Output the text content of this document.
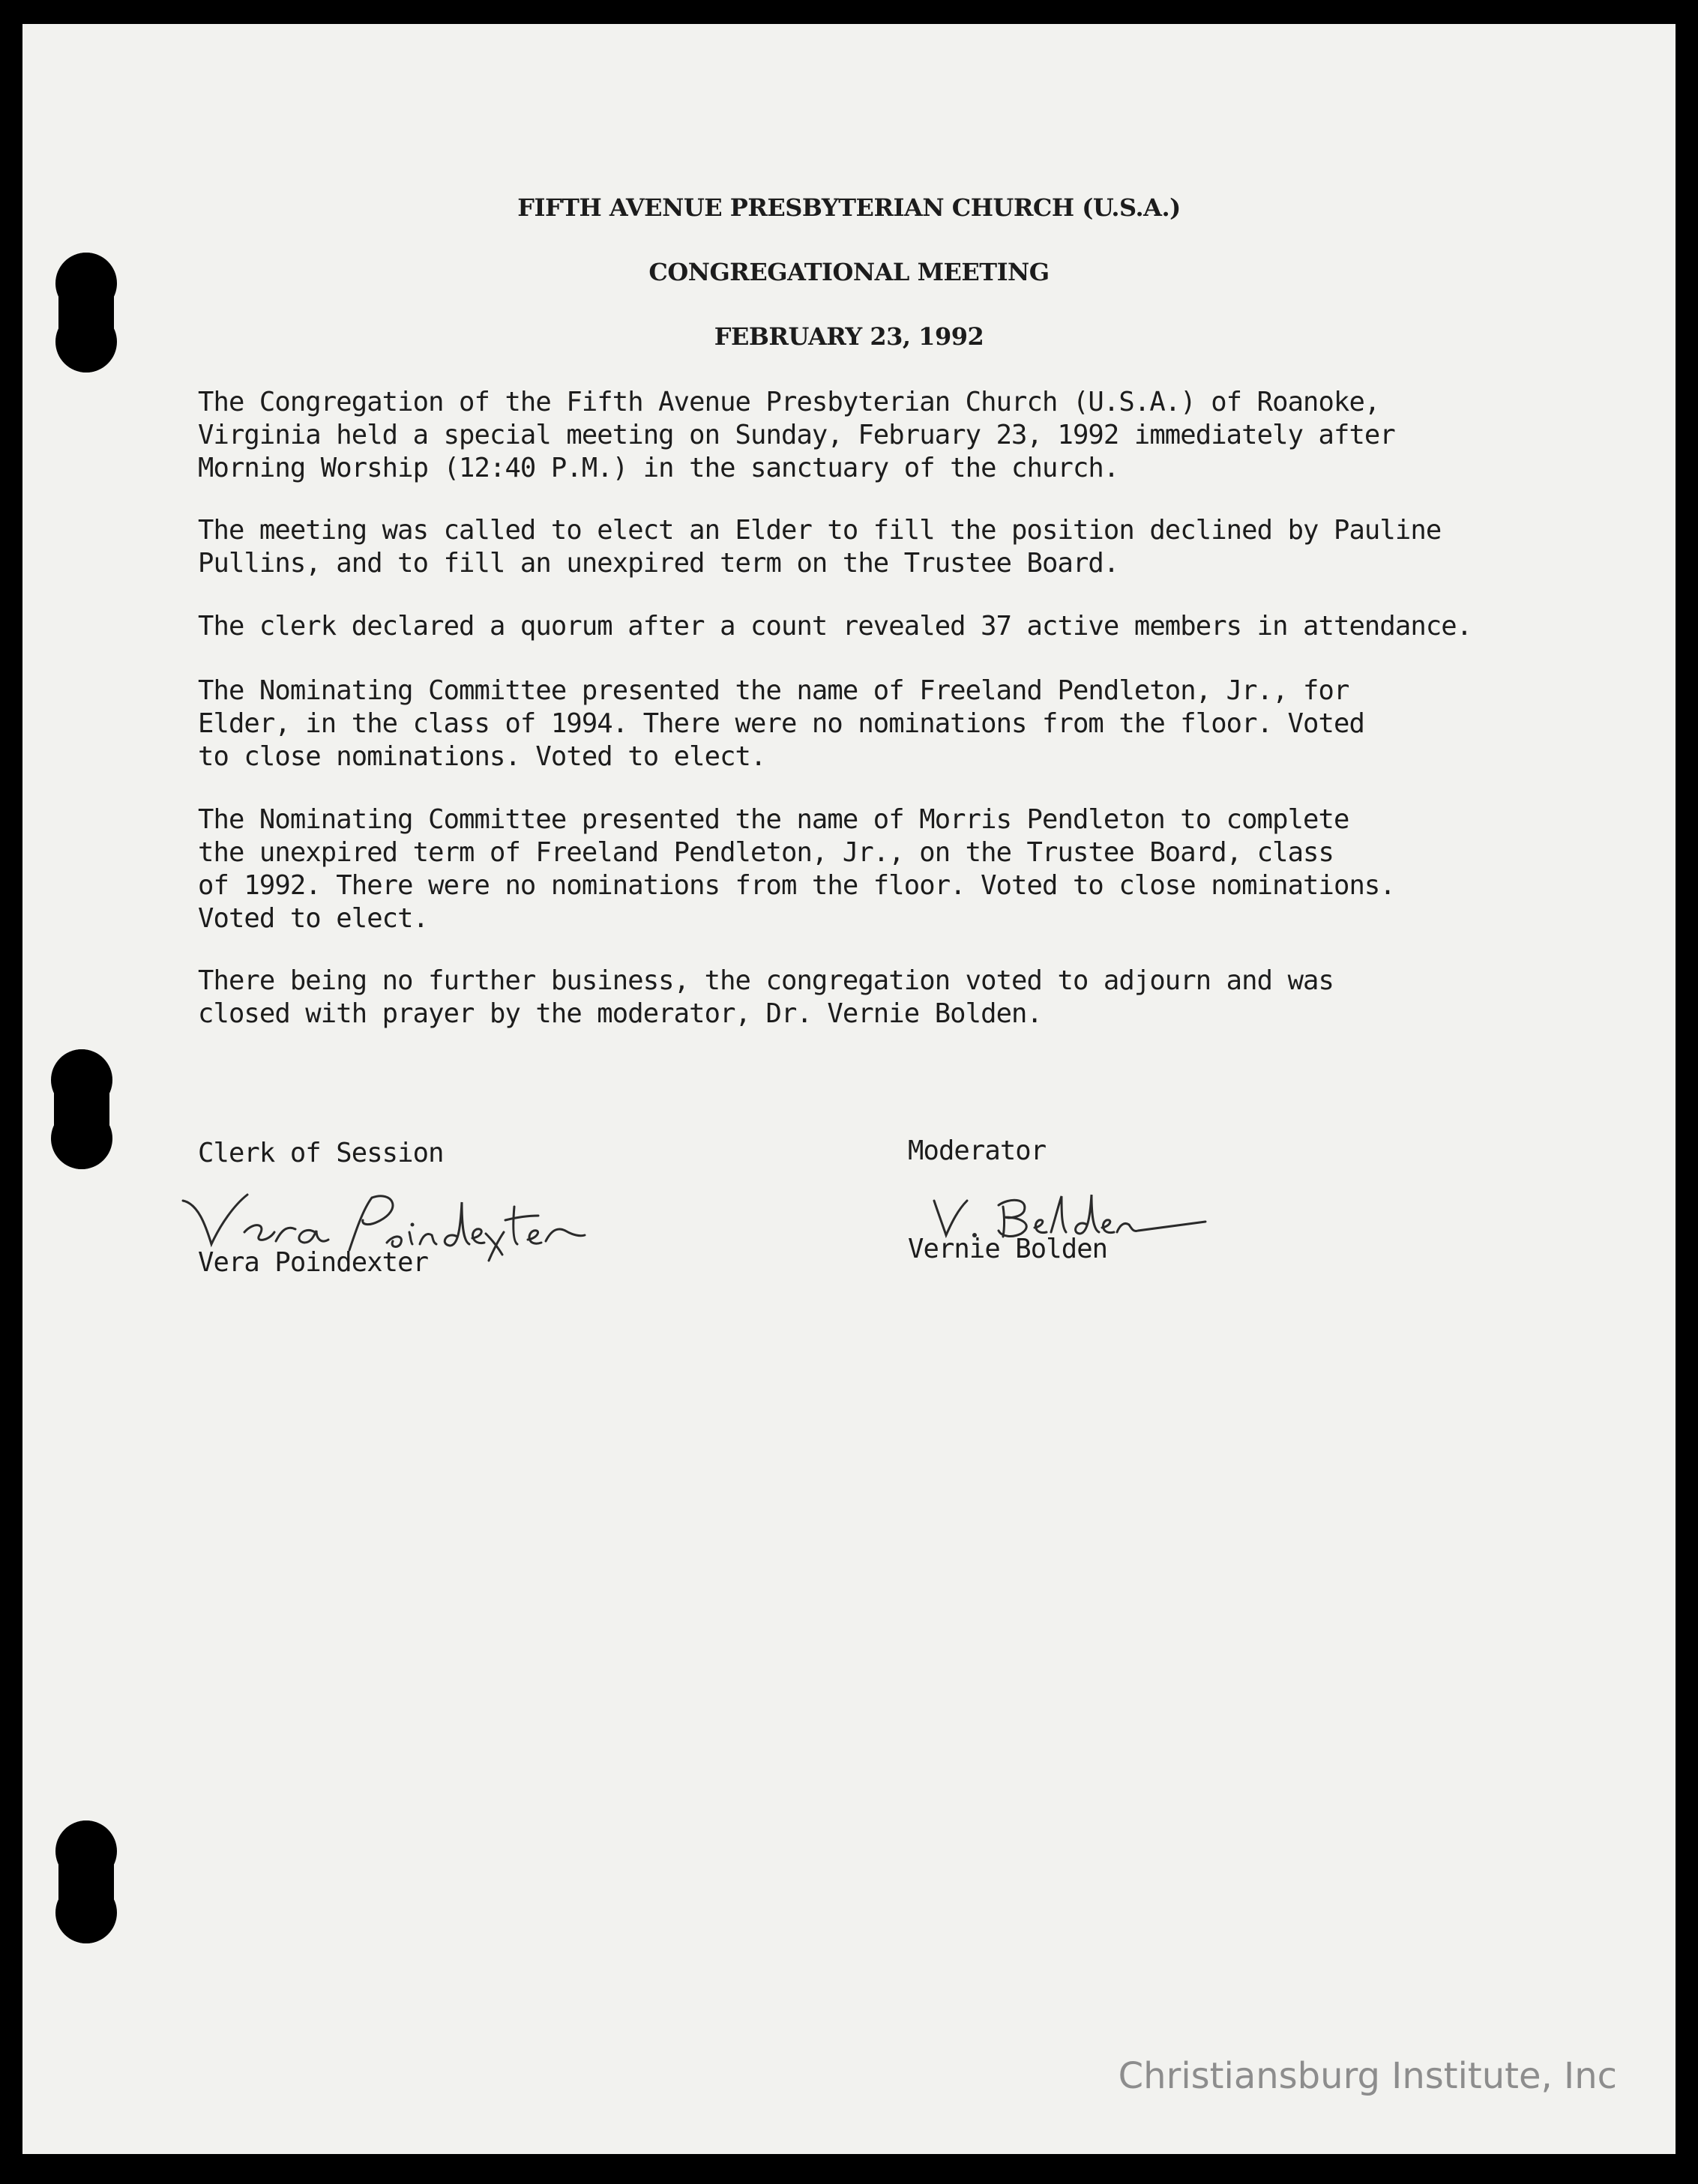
FIFTH AVENUE PRESBYTERIAN CHURCH (U.S.A.)
CONGREGATIONAL MEETING
FEBRUARY 23, 1992
The Congregation of the Fifth Avenue Presbyterian Church (U.S.A.) of Roanoke,
Virginia held a special meeting on Sunday, February 23, 1992 immediately after
Morning Worship (12:40 P.M.) in the sanctuary of the church.
The meeting was called to elect an Elder to fill the position declined by Pauline
Pullins, and to fill an unexpired term on the Trustee Board.
The clerk declared a quorum after a count revealed 37 active members in attendance.
The Nominating Committee presented the name of Freeland Pendleton, Jr., for
Elder, in the class of 1994. There were no nominations from the floor. Voted
to close nominations. Voted to elect.
The Nominating Committee presented the name of Morris Pendleton to complete
the unexpired term of Freeland Pendleton, Jr., on the Trustee Board, class
of 1992. There were no nominations from the floor. Voted to close nominations.
Voted to elect.
There being no further business, the congregation voted to adjourn and was
closed with prayer by the moderator, Dr. Vernie Bolden.
Clerk of Session
Vera Poindexter
Moderator
Vernie Bolden
Christiansburg Institute, Inc
